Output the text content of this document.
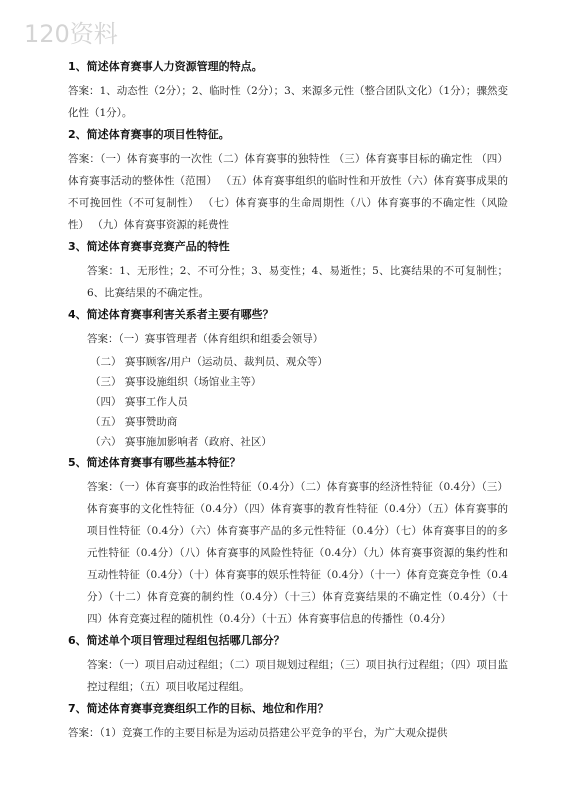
120资料
1、简述体育赛事人力资源管理的特点。
答案：1、动态性（2分）；2、临时性（2分）；3、来源多元性（整合团队文化）（1分）；骤然变化性（1分）。
2、简述体育赛事的项目性特征。
答案：（一）体育赛事的一次性（二）体育赛事的独特性 （三）体育赛事目标的确定性 （四）体育赛事活动的整体性（范围） （五）体育赛事组织的临时性和开放性（六）体育赛事成果的不可挽回性（不可复制性） （七）体育赛事的生命周期性（八）体育赛事的不确定性（风险性） （九）体育赛事资源的耗费性
3、简述体育赛事竞赛产品的特性
答案：1、无形性；2、不可分性；3、易变性；4、易逝性；5、比赛结果的不可复制性；6、比赛结果的不确定性。
4、简述体育赛事利害关系者主要有哪些？
答案：（一）赛事管理者（体育组织和组委会领导）
（二） 赛事顾客/用户（运动员、裁判员、观众等）
（三） 赛事设施组织（场馆业主等）
（四） 赛事工作人员
（五） 赛事赞助商
（六） 赛事施加影响者（政府、社区）
5、简述体育赛事有哪些基本特征？
答案：（一）体育赛事的政治性特征（0.4分）（二）体育赛事的经济性特征（0.4分）（三）体育赛事的文化性特征（0.4分）（四）体育赛事的教育性特征（0.4分）（五）体育赛事的项目性特征（0.4分）（六）体育赛事产品的多元性特征（0.4分）（七）体育赛事目的的多元性特征（0.4分）（八）体育赛事的风险性特征（0.4分）（九）体育赛事资源的集约性和互动性特征（0.4分）（十）体育赛事的娱乐性特征（0.4分）（十一）体育竞赛竞争性（0.4分）（十二）体育竞赛的制约性（0.4分）（十三）体育竞赛结果的不确定性（0.4分）（十四）体育竞赛过程的随机性（0.4分）（十五）体育赛事信息的传播性（0.4分）
6、简述单个项目管理过程组包括哪几部分？
答案：（一）项目启动过程组；（二）项目规划过程组；（三）项目执行过程组；（四）项目监控过程组；（五）项目收尾过程组。
7、简述体育赛事竞赛组织工作的目标、地位和作用？
答案：（1）竞赛工作的主要目标是为运动员搭建公平竞争的平台，为广大观众提供
